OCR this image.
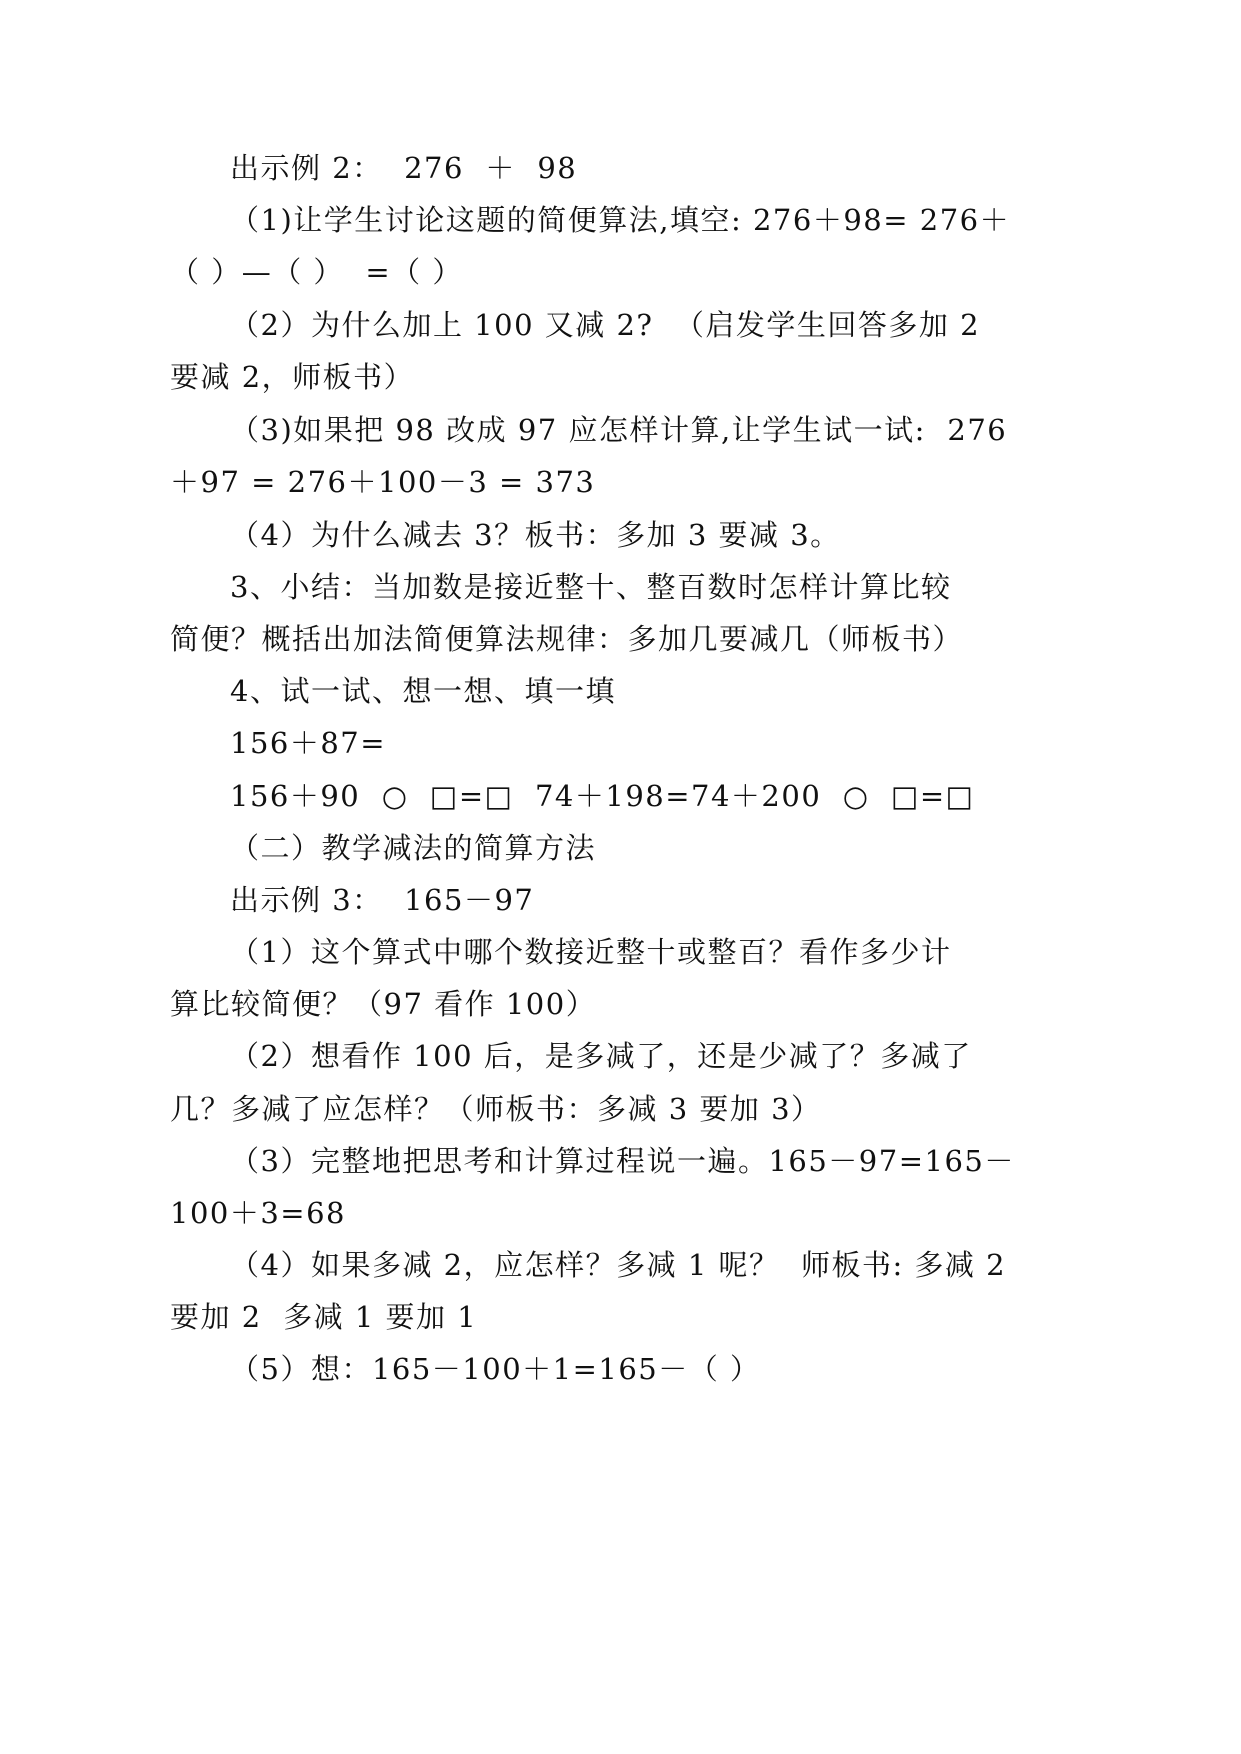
出示例 2：  276  ＋  98
（1)让学生讨论这题的简便算法,填空: 276＋98= 276＋
（ ）—（ ）  =（ ）
（2）为什么加上 100 又减 2?  （启发学生回答多加 2
要减 2，师板书）
（3)如果把 98 改成 97 应怎样计算,让学生试一试:  276
＋97 = 276＋100－3 = 373
（4）为什么减去 3？板书：多加 3 要减 3。
3、小结：当加数是接近整十、整百数时怎样计算比较
简便？概括出加法简便算法规律：多加几要减几（师板书）
4、试一试、想一想、填一填
156＋87=
156＋90  ○  □=□  74＋198=74＋200  ○  □=□
（二）教学减法的简算方法
出示例 3：  165－97
（1）这个算式中哪个数接近整十或整百？看作多少计
算比较简便？（97 看作 100）
（2）想看作 100 后，是多减了，还是少减了？多减了
几？多减了应怎样？（师板书：多减 3 要加 3）
（3）完整地把思考和计算过程说一遍。165－97=165－
100＋3=68
（4）如果多减 2，应怎样？多减 1 呢？  师板书: 多减 2
要加 2  多减 1 要加 1
（5）想：165－100＋1=165－（ ）
